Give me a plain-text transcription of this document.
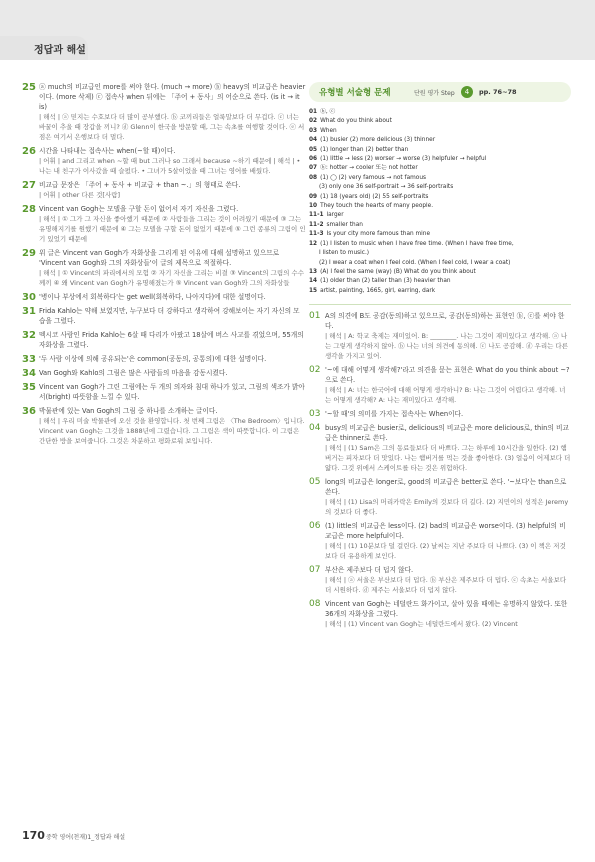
정답과 해설
25 ⓐ much의 비교급인 more를 써야 한다. (much → more) ⓑ heavy의 비교급은 heavier이다. (more 삭제) ⓒ 접속사 when 뒤에는 「주어 + 동사」의 어순으로 쓴다. (is it → it is)
| 해석 | ⓐ 믿지는 수호보다 더 많이 공부했다. ⓑ 코끼리들은 얼룩말보다 더 무겁다. ⓒ 너는 바꿀이 추울 때 장갑을 끼니? ⓓ Glenn이 한국을 방문할 때, 그는 속초를 여행할 것이다. ⓔ 서점은 여기서 은행보다 더 멀다.
26 시간을 나타내는 접속사는 when(~할 때)이다.
| 어휘 | and 그리고 when ~할 때 but 그러나 so 그래서 because ~하기 때문에 | 해석 | • 나는 내 친구가 이사갔을 때 슬펐다. • 그녀가 5살이었을 때 그녀는 영어를 배웠다.
27 비교급 문장은 「주어 + 동사 + 비교급 + than ~.」의 형태로 쓴다.
| 어휘 | other 다른 것[사람]
28 Vincent van Gogh는 모델을 구할 돈이 없어서 자기 자신을 그렸다.
| 해석 | ① 그가 그 자신을 좋아했기 때문에 ② 사람들을 그리는 것이 어려웠기 때문에 ③ 그는 유명해지기를 원했기 때문에 ④ 그는 모델을 구할 돈이 없었기 때문에 ⑤ 그런 종류의 그림이 인기 있었기 때문에
29 위 글은 Vincent van Gogh가 자화상을 그리게 된 이유에 대해 설명하고 있으므로 'Vincent van Gogh와 그의 자화상들'이 글의 제목으로 적절하다.
| 해석 | ① Vincent의 파리에서의 모험 ② 자기 자신을 그리는 비결 ③ Vincent의 그림의 수수께끼 ④ 왜 Vincent van Gogh가 유명해졌는가 ⑤ Vincent van Gogh와 그의 자화상들
30 '병이나 부상에서 회복하다'는 get well(회복하다, 나아지다)에 대한 설명이다.
31 Frida Kahlo는 약해 보였지만, 누구보다 더 강하다고 생각하여 강해보이는 자기 자신의 모습을 그렸다.
32 멕시코 사람인 Frida Kahlo는 6살 때 다리가 아팠고 18살에 버스 사고를 겪었으며, 55개의 자화상을 그렸다.
33 '두 사람 이상에 의해 공유되는'은 common(공동의, 공통의)에 대한 설명이다.
34 Van Gogh와 Kahlo의 그림은 많은 사람들의 마음을 감동시켰다.
35 Vincent van Gogh가 그린 그림에는 두 개의 의자와 침대 하나가 있고, 그림의 색조가 밝아서(bright) 따뜻함을 느낄 수 있다.
36 박물관에 있는 Van Gogh의 그림 중 하나를 소개하는 글이다.
| 해석 | 우리 미술 박물관에 오신 것을 환영합니다. 첫 번째 그림은 〈The Bedroom〉입니다. Vincent van Gogh는 그것을 1888년에 그렸습니다. 그 그림은 색이 따뜻합니다. 이 그림은 간단한 방을 보여줍니다. 그것은 차분하고 평화로워 보입니다.
유형별 서술형 문제	단원 평가 Step	4	pp. 76~78
01 ⓑ, ⓒ
02 What do you think about
03 When
04 (1) busier (2) more delicious (3) thinner
05 (1) longer than (2) better than
06 (1) little → less (2) worser → worse (3) helpfuler → helpful
07 ⓑ: hotter → cooler 또는 not hotter
08 (1) ◯ (2) very famous → not famous
(3) only one 36 self-portrait → 36 self-portraits
09 (1) 18 (years old) (2) 55 self-portraits
10 They touch the hearts of many people.
11-1 larger
11-2 smaller than
11-3 Is your city more famous than mine
12 (1) I listen to music when I have free time. (When I have free time,
I listen to music.)
(2) I wear a coat when I feel cold. (When I feel cold, I wear a coat)
13 (A) I feel the same (way) (B) What do you think about
14 (1) older than (2) taller than (3) heavier than
15 artist, painting, 1665, girl, earring, dark
01 A의 의견에 B도 공감(동의)하고 있으므로, 공감(동의)하는 표현인 ⓑ, ⓒ를 써야 한다.
| 해석 | A: 학교 축제는 재미있어. B: ________. 나는 그것이 재미있다고 생각해. ⓐ 나는 그렇게 생각하지 않아. ⓑ 나는 너의 의견에 동의해. ⓒ 나도 공감해. ⓓ 우리는 다른 생각을 가지고 있어.
02 '~에 대해 어떻게 생각해?'라고 의견을 묻는 표현은 What do you think about ~?으로 쓴다.
| 해석 | A: 너는 한국어에 대해 어떻게 생각하니? B: 나는 그것이 어렵다고 생각해. 너는 어떻게 생각해? A: 나는 재미있다고 생각해.
03 '~할 때'의 의미를 가지는 접속사는 When이다.
04 busy의 비교급은 busier로, delicious의 비교급은 more delicious로, thin의 비교급은 thinner로 쓴다.
| 해석 | (1) Sam은 그의 동료들보다 더 바쁘다. 그는 하루에 10시간을 일한다. (2) 햄버거는 피자보다 더 맛있다. 나는 햄버거를 먹는 것을 좋아한다. (3) 얼음이 어제보다 더 얇다. 그것 위에서 스케이트를 타는 것은 위험하다.
05 long의 비교급은 longer로, good의 비교급은 better로 쓴다. '~보다'는 than으로 쓴다.
| 해석 | (1) Lisa의 머리카락은 Emily의 것보다 더 길다. (2) 지민이의 성적은 Jeremy의 것보다 더 좋다.
06 (1) little의 비교급은 less이다. (2) bad의 비교급은 worse이다. (3) helpful의 비교급은 more helpful이다.
| 해석 | (1) 10분보다 덜 걸린다. (2) 날씨는 지난 주보다 더 나쁘다. (3) 이 책은 저것보다 더 유용하게 보인다.
07 부산은 제주보다 더 덥지 않다.
| 해석 | ⓐ 서울은 부산보다 더 덥다. ⓑ 부산은 제주보다 더 덥다. ⓒ 속초는 서울보다 더 시원하다. ⓓ 제주는 서울보다 더 덥지 않다.
08 Vincent van Gogh는 네덜란드 화가이고, 살아 있을 때에는 유명하지 않았다. 또한 36개의 자화상을 그렸다.
| 해석 | (1) Vincent van Gogh는 네덜란드에서 왔다. (2) Vincent
170 중학 영어(천재)1_정답과 해설
